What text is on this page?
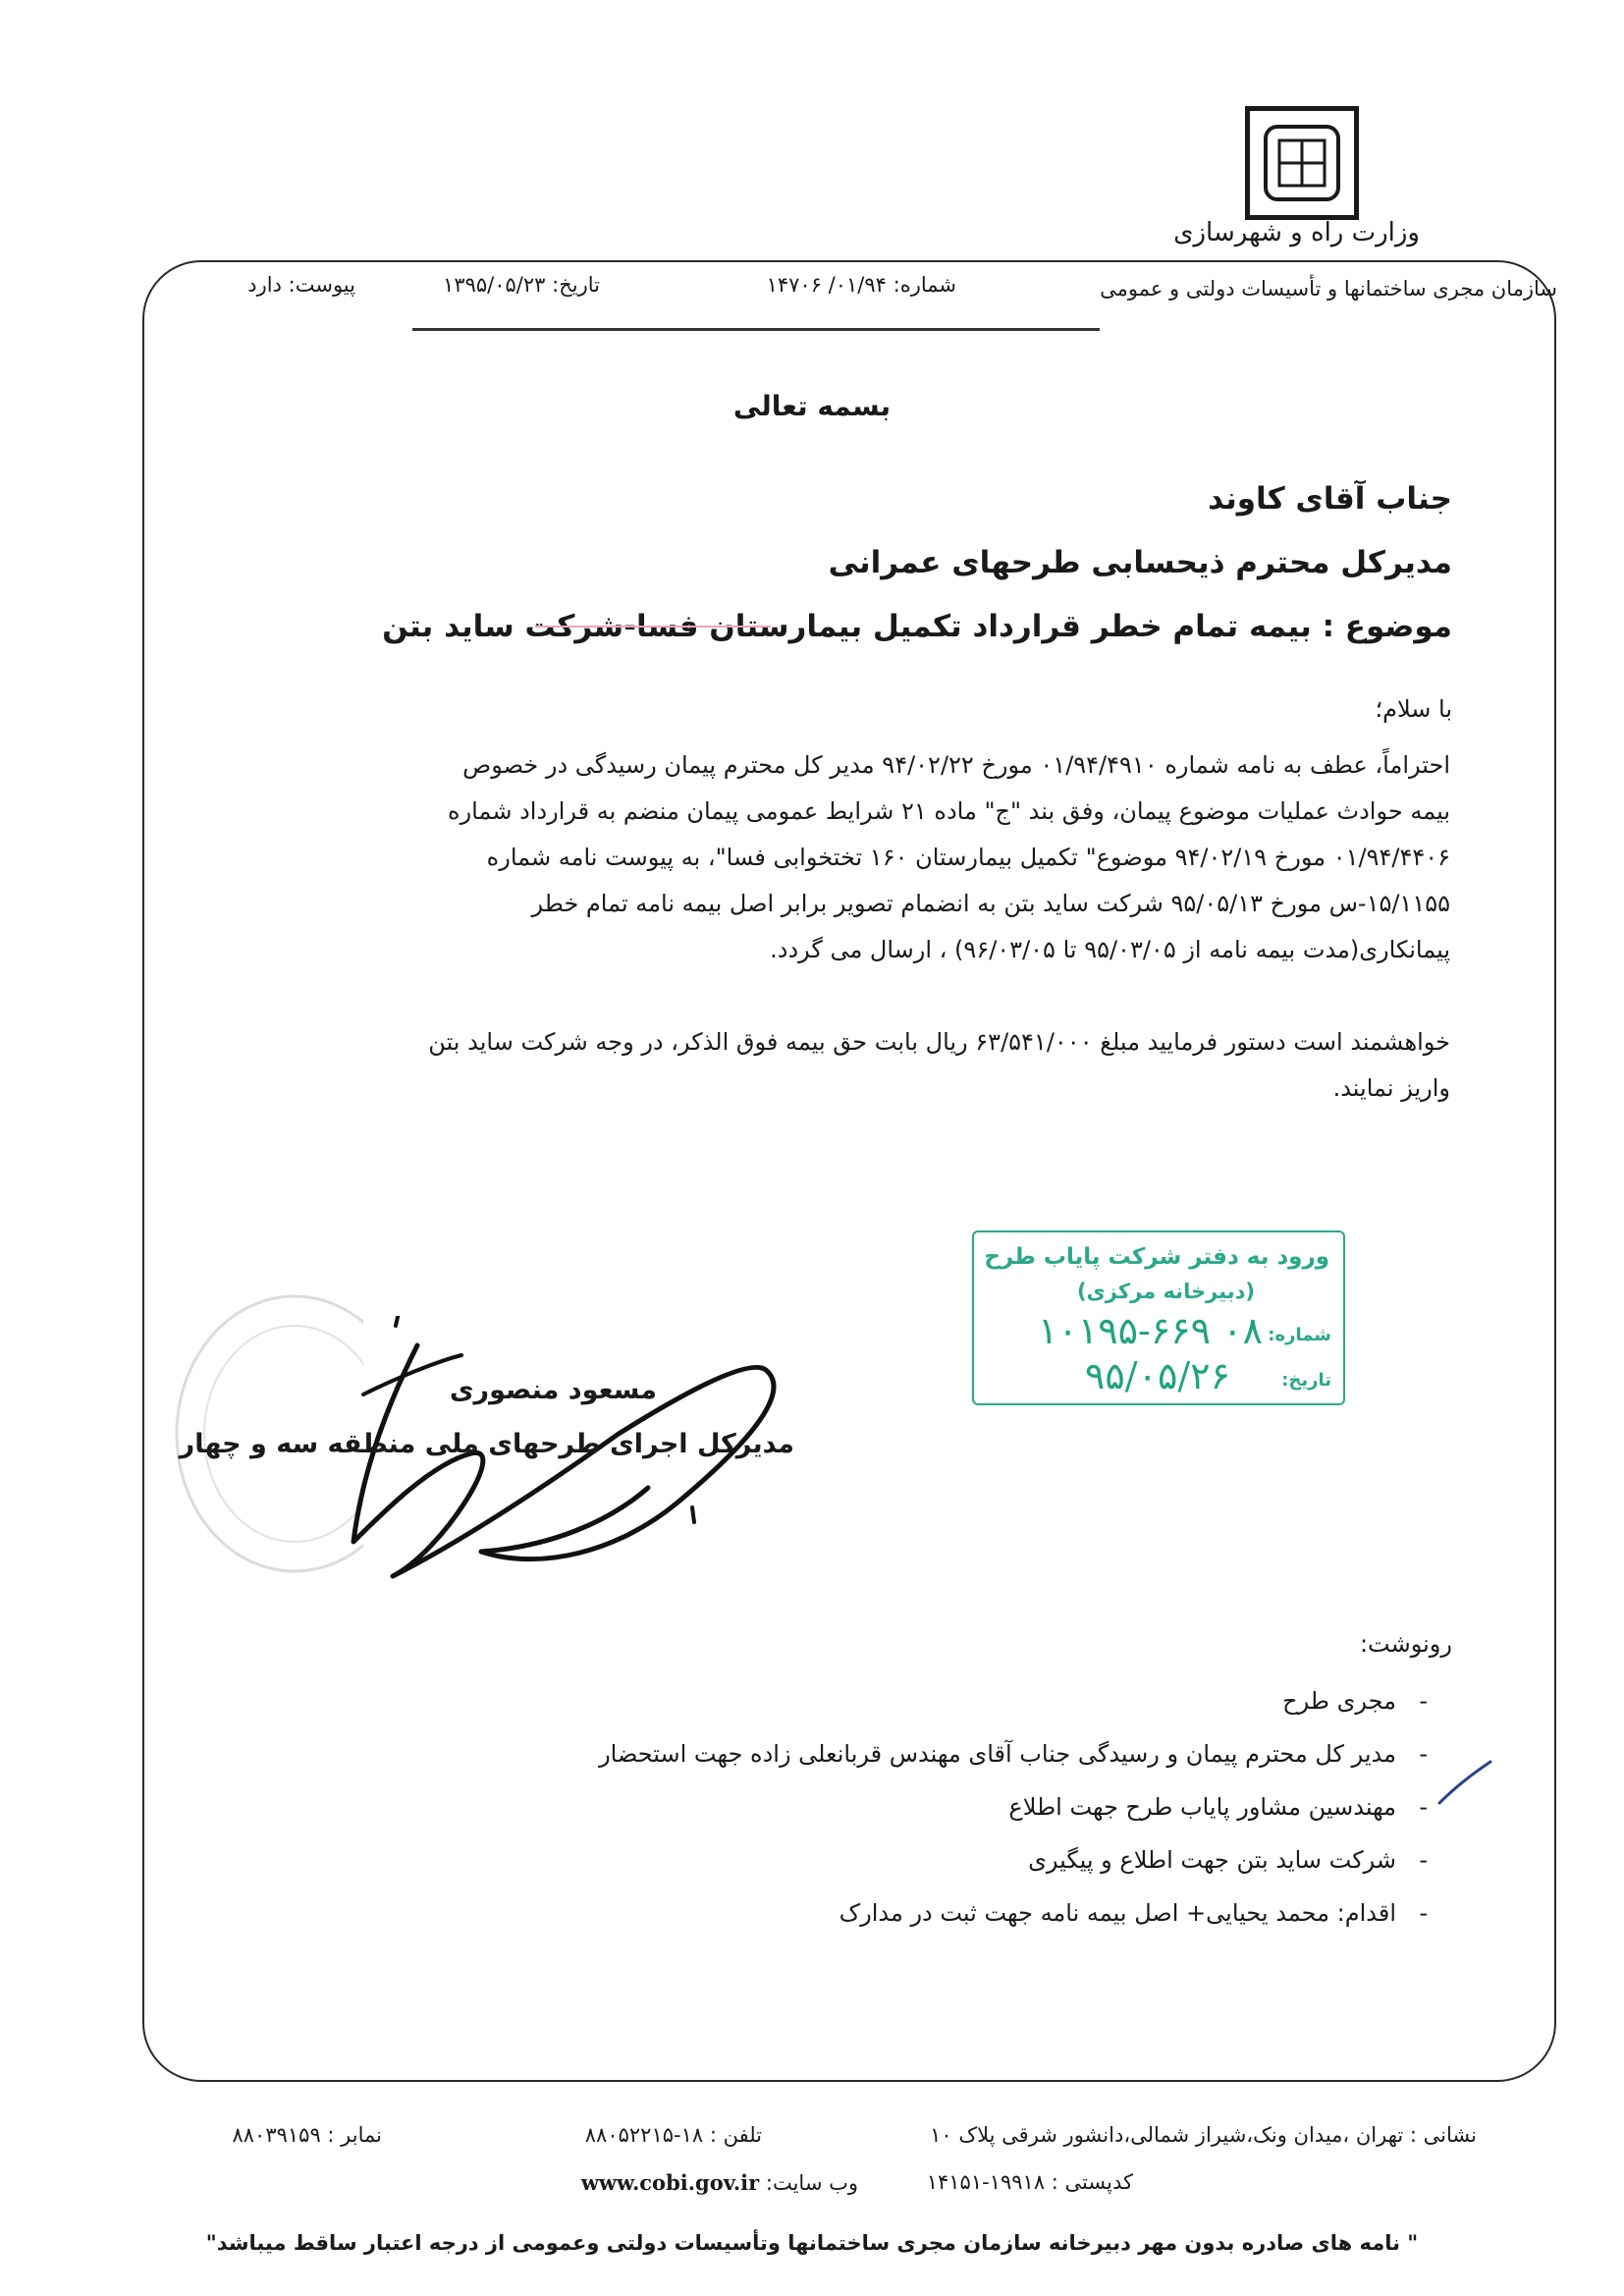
وزارت راه و شهرسازی
سازمان مجری ساختمانها و تأسیسات دولتی و عمومی
شماره: ۰۱/۹۴/ ۱۴۷۰۶
تاریخ: ۱۳۹۵/۰۵/۲۳
پیوست: دارد
بسمه تعالی
جناب آقای کاوند
مدیرکل محترم ذیحسابی طرحهای عمرانی
موضوع : بیمه تمام خطر قرارداد تکمیل بیمارستان فسا-شرکت ساید بتن
با سلام؛
احتراماً، عطف به نامه شماره ۰۱/۹۴/۴۹۱۰ مورخ ۹۴/۰۲/۲۲ مدیر کل محترم پیمان رسیدگی در خصوص
بیمه حوادث عملیات موضوع پیمان، وفق بند "ج" ماده ۲۱ شرایط عمومی پیمان منضم به قرارداد شماره
۰۱/۹۴/۴۴۰۶ مورخ ۹۴/۰۲/۱۹ موضوع" تکمیل بیمارستان ۱۶۰ تختخوابی فسا"، به پیوست نامه شماره
۱۵/۱۱۵۵-س مورخ ۹۵/۰۵/۱۳ شرکت ساید بتن به انضمام تصویر برابر اصل بیمه نامه تمام خطر
پیمانکاری(مدت بیمه نامه از ۹۵/۰۳/۰۵ تا ۹۶/۰۳/۰۵) ، ارسال می گردد.
خواهشمند است دستور فرمایید مبلغ ۶۳/۵۴۱/۰۰۰ ریال بابت حق بیمه فوق الذکر، در وجه شرکت ساید بتن
واریز نمایند.
ورود به دفتر شرکت پایاب طرح
(دبیرخانه مرکزی)
شماره:
۱۰۱۹۵-۶۶۹ ۰۸
تاریخ:
۹۵/۰۵/۲۶
مسعود منصوری
مدیرکل اجرای طرحهای ملی منطقه سه و چهار
رونوشت:
-
مجری طرح
-
مدیر کل محترم پیمان و رسیدگی جناب آقای مهندس قربانعلی زاده جهت استحضار
-
مهندسین مشاور پایاب طرح جهت اطلاع
-
شرکت ساید بتن جهت اطلاع و پیگیری
-
اقدام: محمد یحیایی+ اصل بیمه نامه جهت ثبت در مدارک
نشانی : تهران ،میدان ونک،شیراز شمالی،دانشور شرقی پلاک ۱۰
کدپستی : ۱۹۹۱۸-۱۴۱۵۱
تلفن : ۱۸-۸۸۰۵۲۲۱۵
نمابر : ۸۸۰۳۹۱۵۹
وب سایت: www.cobi.gov.ir
" نامه های صادره بدون مهر دبیرخانه سازمان مجری ساختمانها وتأسیسات دولتی وعمومی از درجه اعتبار ساقط میباشد"
